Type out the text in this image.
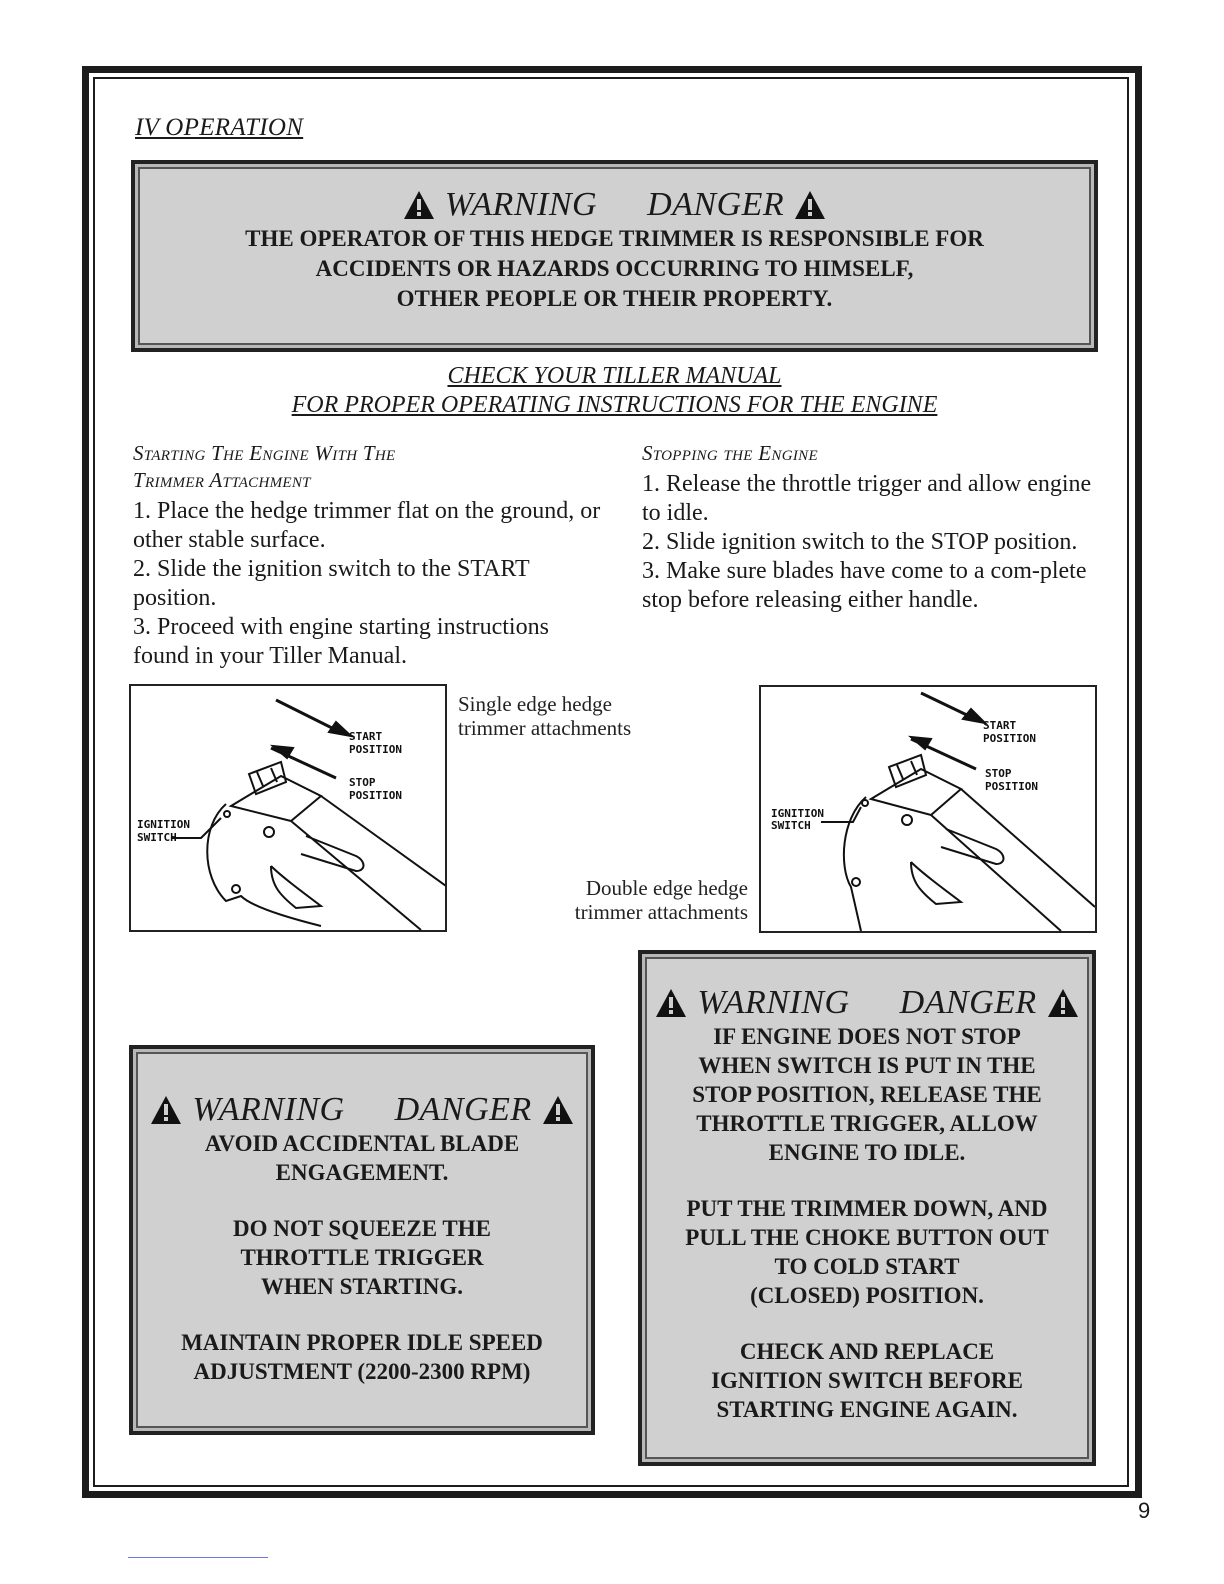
IV OPERATION
WARNING DANGER
THE OPERATOR OF THIS HEDGE TRIMMER IS RESPONSIBLE FOR
ACCIDENTS OR HAZARDS OCCURRING TO HIMSELF,
OTHER PEOPLE OR THEIR PROPERTY.
CHECK YOUR TILLER MANUAL
FOR PROPER OPERATING INSTRUCTIONS FOR THE ENGINE
Starting The Engine With The
Trimmer Attachment

1. Place the hedge trimmer flat on the ground, or other stable surface.

2. Slide the ignition switch to the START position.

3. Proceed with engine starting instructions found in your Tiller Manual.

Stopping the Engine

1. Release the throttle trigger and allow engine to idle.

2. Slide ignition switch to the STOP position.

3. Make sure blades have come to a com-plete stop before releasing either handle.

START
POSITION
STOP
POSITION
IGNITION
SWITCH
Single edge hedge
trimmer attachments	START
POSITION
STOP
POSITION
IGNITION
SWITCH
Double edge hedge
trimmer attachments
WARNING DANGER
AVOID ACCIDENTAL BLADE
ENGAGEMENT.
DO NOT SQUEEZE THE
THROTTLE TRIGGER
WHEN STARTING.
MAINTAIN PROPER IDLE SPEED
ADJUSTMENT (2200-2300 RPM)
WARNING DANGER
IF ENGINE DOES NOT STOP
WHEN SWITCH IS PUT IN THE
STOP POSITION, RELEASE THE
THROTTLE TRIGGER, ALLOW
ENGINE TO IDLE.
PUT THE TRIMMER DOWN, AND
PULL THE CHOKE BUTTON OUT
TO COLD START
(CLOSED) POSITION.
CHECK AND REPLACE
IGNITION SWITCH BEFORE
STARTING ENGINE AGAIN.
9
